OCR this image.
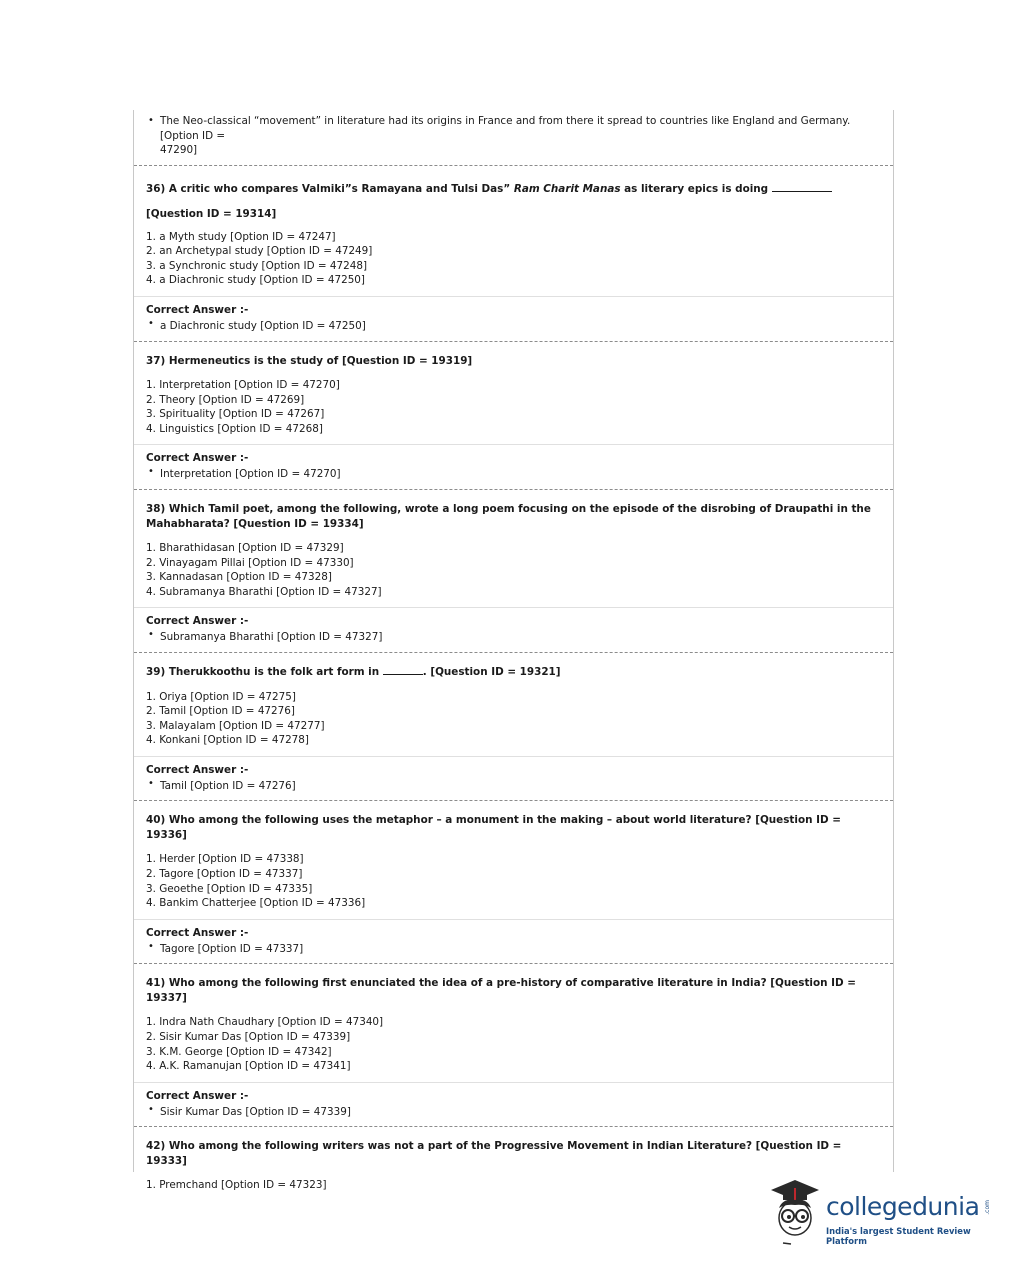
• The Neo-classical “movement” in literature had its origins in France and from there it spread to countries like England and Germany. [Option ID =
47290]
36) A critic who compares Valmiki”s Ramayana and Tulsi Das” Ram Charit Manas as literary epics is doing
[Question ID = 19314]
1. a Myth study [Option ID = 47247]
2. an Archetypal study [Option ID = 47249]
3. a Synchronic study [Option ID = 47248]
4. a Diachronic study [Option ID = 47250]
Correct Answer :-
• a Diachronic study [Option ID = 47250]
37) Hermeneutics is the study of [Question ID = 19319]
1. Interpretation [Option ID = 47270]
2. Theory [Option ID = 47269]
3. Spirituality [Option ID = 47267]
4. Linguistics [Option ID = 47268]
Correct Answer :-
• Interpretation [Option ID = 47270]
38) Which Tamil poet, among the following, wrote a long poem focusing on the episode of the disrobing of Draupathi in the
Mahabharata? [Question ID = 19334]
1. Bharathidasan [Option ID = 47329]
2. Vinayagam Pillai [Option ID = 47330]
3. Kannadasan [Option ID = 47328]
4. Subramanya Bharathi [Option ID = 47327]
Correct Answer :-
• Subramanya Bharathi [Option ID = 47327]
39) Therukkoothu is the folk art form in	. [Question ID = 19321]
1. Oriya [Option ID = 47275]
2. Tamil [Option ID = 47276]
3. Malayalam [Option ID = 47277]
4. Konkani [Option ID = 47278]
Correct Answer :-
• Tamil [Option ID = 47276]
40) Who among the following uses the metaphor – a monument in the making – about world literature? [Question ID = 19336]
1. Herder [Option ID = 47338]
2. Tagore [Option ID = 47337]
3. Geoethe [Option ID = 47335]
4. Bankim Chatterjee [Option ID = 47336]
Correct Answer :-
• Tagore [Option ID = 47337]
41) Who among the following first enunciated the idea of a pre-history of comparative literature in India? [Question ID = 19337]
1. Indra Nath Chaudhary [Option ID = 47340]
2. Sisir Kumar Das [Option ID = 47339]
3. K.M. George [Option ID = 47342]
4. A.K. Ramanujan [Option ID = 47341]
Correct Answer :-
• Sisir Kumar Das [Option ID = 47339]
42) Who among the following writers was not a part of the Progressive Movement in Indian Literature? [Question ID = 19333]
1. Premchand [Option ID = 47323]
collegedunia .com
India's largest Student Review Platform
